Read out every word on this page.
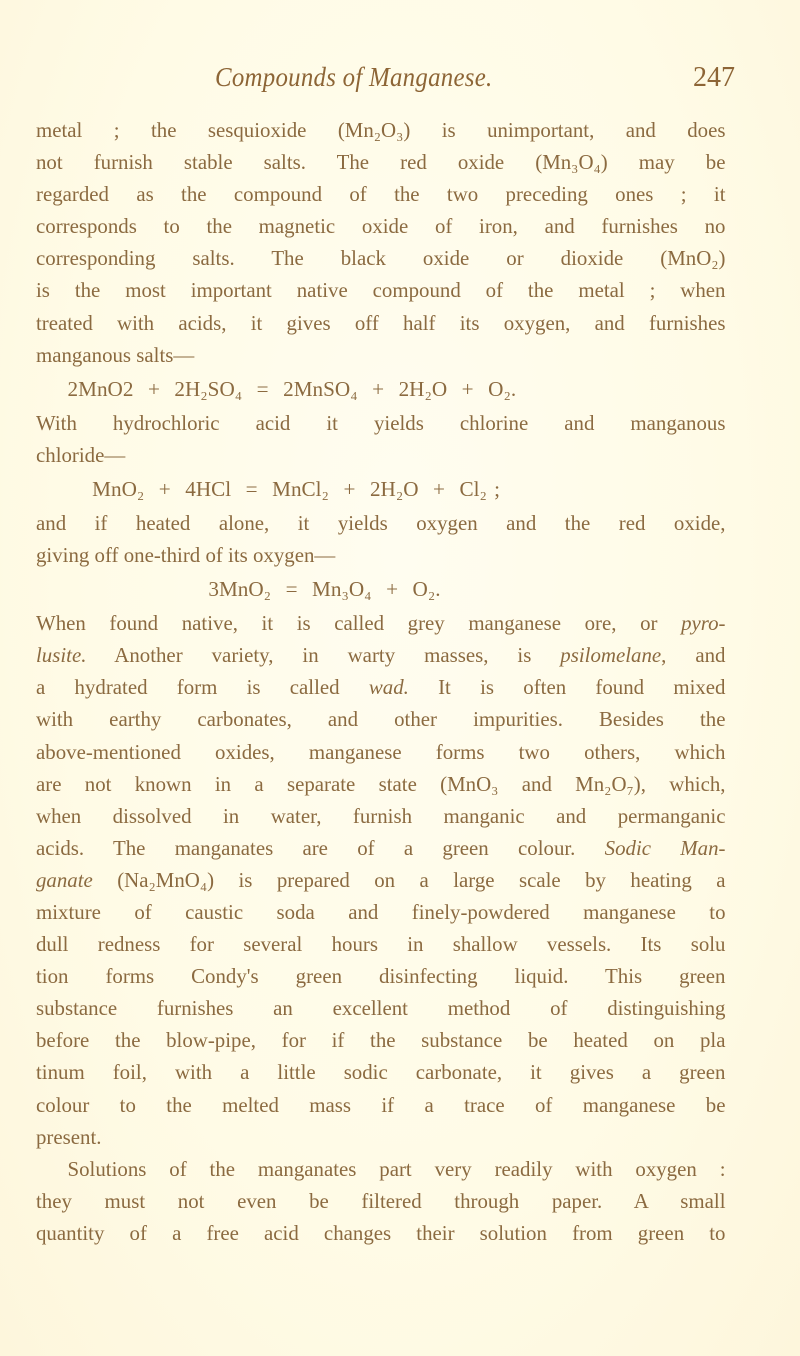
Compounds of Manganese.	247
metal ; the sesquioxide (Mn₂O₃) is unimportant, and does
not furnish stable salts. The red oxide (Mn₃O₄) may be
regarded as the compound of the two preceding ones ; it
corresponds to the magnetic oxide of iron, and furnishes no
corresponding salts. The black oxide or dioxide (MnO₂)
is the most important native compound of the metal ; when
treated with acids, it gives off half its oxygen, and furnishes
manganous salts—
2MnO2  +  2H₂SO₄  =  2MnSO₄  +  2H₂O  +  O₂.
With hydrochloric acid it yields chlorine and manganous
chloride—
MnO₂  +  4HCl  =  MnCl₂  +  2H₂O  +  Cl₂ ;
and if heated alone, it yields oxygen and the red oxide,
giving off one-third of its oxygen—
3MnO₂  =  Mn₃O₄  +  O₂.
When found native, it is called grey manganese ore, or pyro-
lusite. Another variety, in warty masses, is psilomelane, and
a hydrated form is called wad. It is often found mixed
with earthy carbonates, and other impurities. Besides the
above-mentioned oxides, manganese forms two others, which
are not known in a separate state (MnO₃ and Mn₂O₇), which,
when dissolved in water, furnish manganic and permanganic
acids. The manganates are of a green colour. Sodic Man-
ganate (Na₂MnO₄) is prepared on a large scale by heating a
mixture of caustic soda and finely-powdered manganese to
dull redness for several hours in shallow vessels. Its solu
tion forms Condy's green disinfecting liquid. This green
substance furnishes an excellent method of distinguishing
before the blow-pipe, for if the substance be heated on pla
tinum foil, with a little sodic carbonate, it gives a green
colour to the melted mass if a trace of manganese be
present.
Solutions of the manganates part very readily with oxygen :
they must not even be filtered through paper. A small
quantity of a free acid changes their solution from green to
